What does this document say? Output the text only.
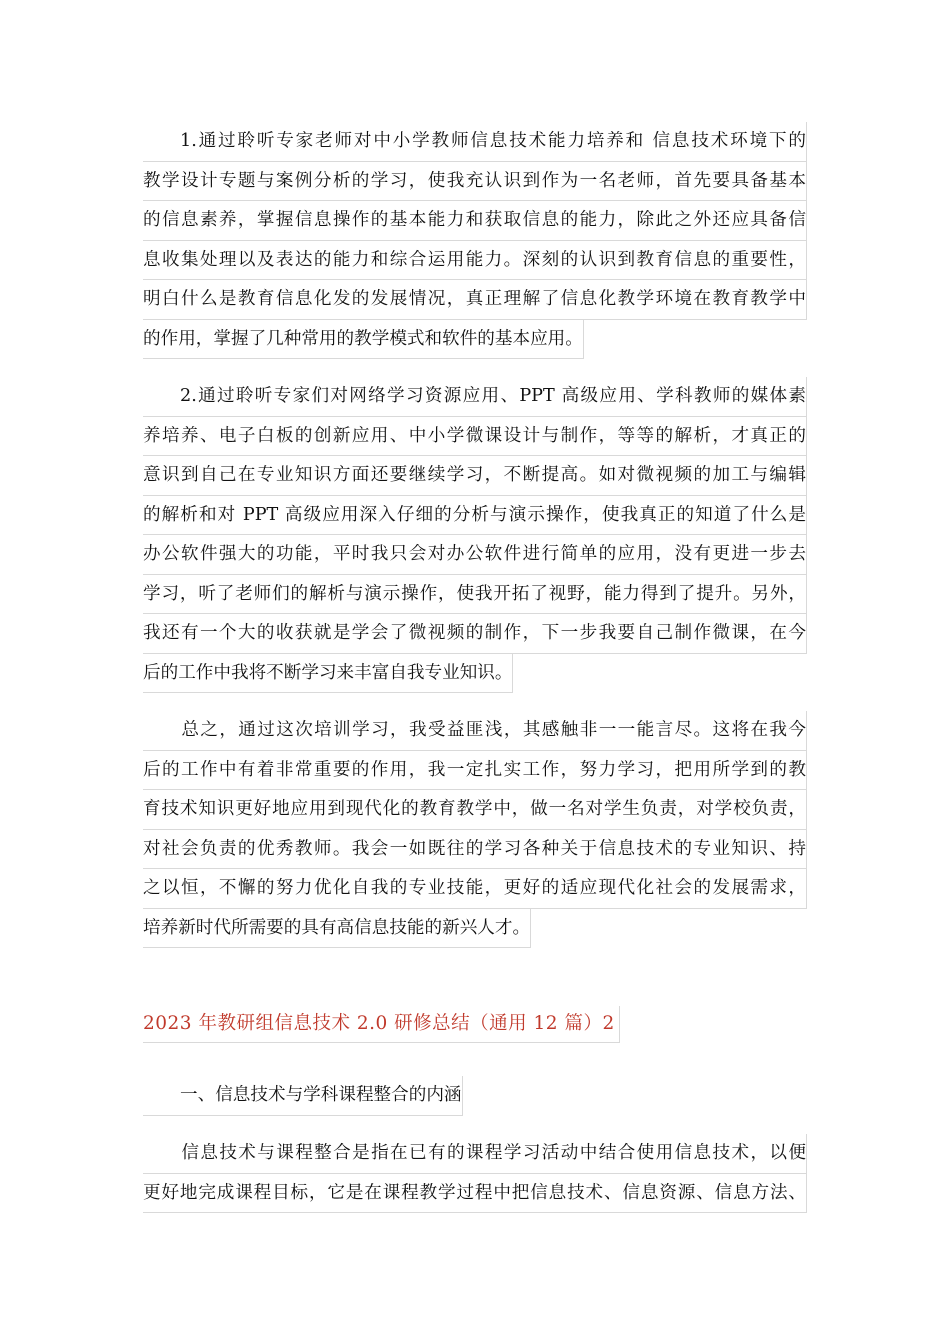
1.通过聆听专家老师对中小学教师信息技术能力培养和 信息技术环境下的
教学设计专题与案例分析的学习，使我充认识到作为一名老师，首先要具备基本
的信息素养，掌握信息操作的基本能力和获取信息的能力，除此之外还应具备信
息收集处理以及表达的能力和综合运用能力。深刻的认识到教育信息的重要性，
明白什么是教育信息化发的发展情况，真正理解了信息化教学环境在教育教学中
的作用，掌握了几种常用的教学模式和软件的基本应用。
2.通过聆听专家们对网络学习资源应用、PPT 高级应用、学科教师的媒体素
养培养、电子白板的创新应用、中小学微课设计与制作，等等的解析，才真正的
意识到自己在专业知识方面还要继续学习，不断提高。如对微视频的加工与编辑
的解析和对 PPT 高级应用深入仔细的分析与演示操作，使我真正的知道了什么是
办公软件强大的功能，平时我只会对办公软件进行简单的应用，没有更进一步去
学习，听了老师们的解析与演示操作，使我开拓了视野，能力得到了提升。另外，
我还有一个大的收获就是学会了微视频的制作，下一步我要自己制作微课，在今
后的工作中我将不断学习来丰富自我专业知识。
总之，通过这次培训学习，我受益匪浅，其感触非一一能言尽。这将在我今
后的工作中有着非常重要的作用，我一定扎实工作，努力学习，把用所学到的教
育技术知识更好地应用到现代化的教育教学中，做一名对学生负责，对学校负责，
对社会负责的优秀教师。我会一如既往的学习各种关于信息技术的专业知识、持
之以恒，不懈的努力优化自我的专业技能，更好的适应现代化社会的发展需求，
培养新时代所需要的具有高信息技能的新兴人才。
2023 年教研组信息技术 2.0 研修总结（通用 12 篇）2
一、信息技术与学科课程整合的内涵
信息技术与课程整合是指在已有的课程学习活动中结合使用信息技术，以便
更好地完成课程目标，它是在课程教学过程中把信息技术、信息资源、信息方法、
